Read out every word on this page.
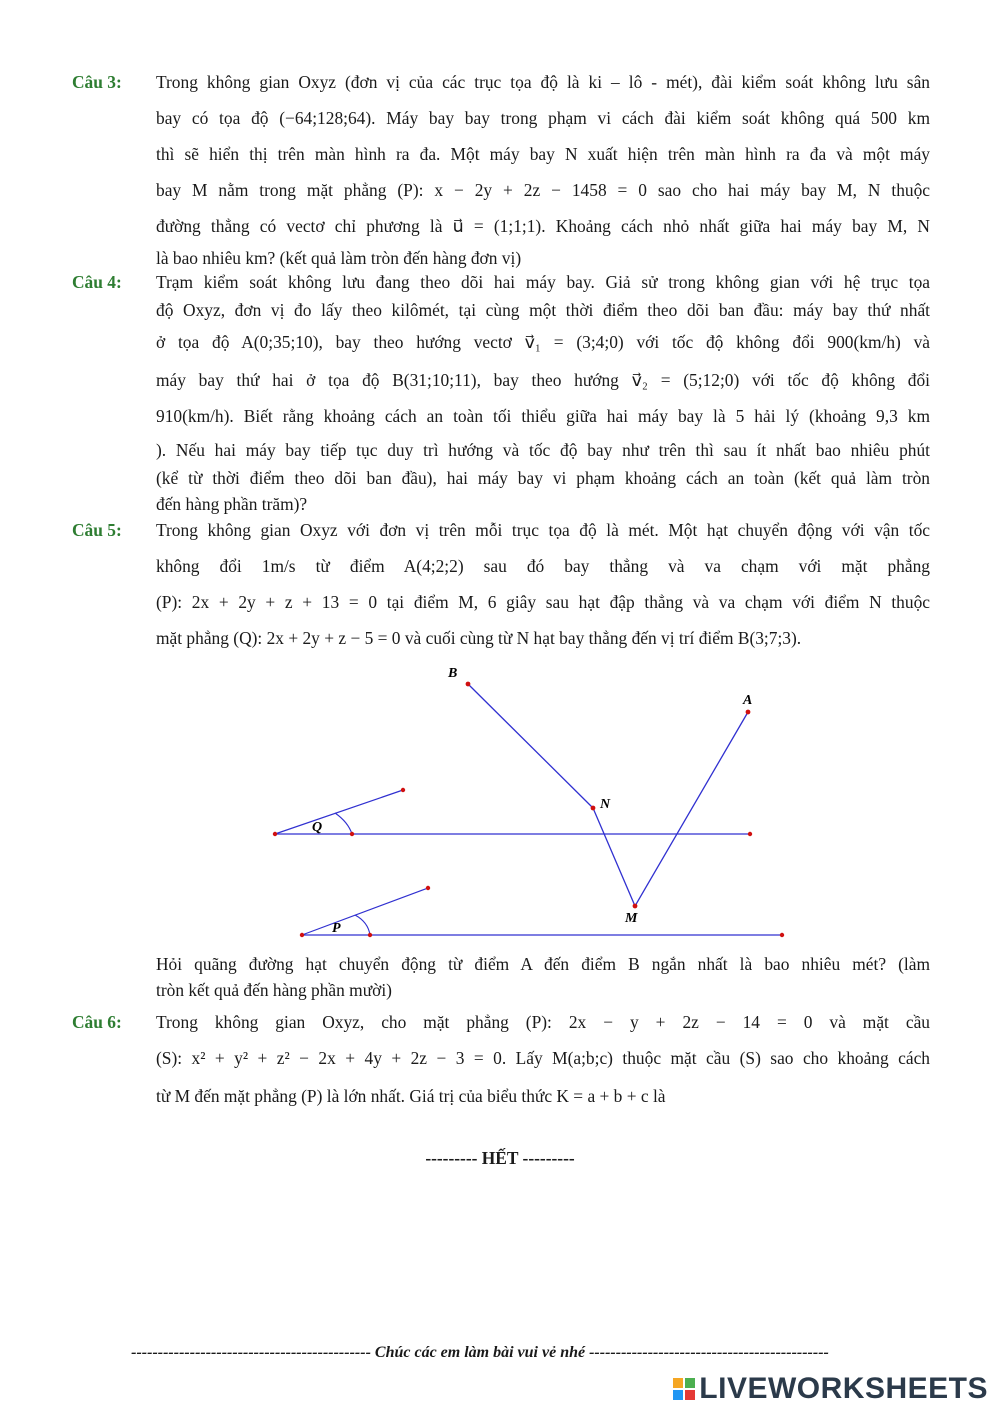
Câu 3: Trong không gian Oxyz (đơn vị của các trục tọa độ là ki – lô - mét), đài kiểm soát không lưu sân
bay có tọa độ (−64;128;64). Máy bay bay trong phạm vi cách đài kiểm soát không quá 500 km
thì sẽ hiển thị trên màn hình ra đa. Một máy bay N xuất hiện trên màn hình ra đa và một máy
bay M nằm trong mặt phẳng (P): x − 2y + 2z − 1458 = 0 sao cho hai máy bay M, N thuộc
đường thẳng có vectơ chỉ phương là u⃗ = (1;1;1). Khoảng cách nhỏ nhất giữa hai máy bay M, N
là bao nhiêu km? (kết quả làm tròn đến hàng đơn vị)
Câu 4: Trạm kiểm soát không lưu đang theo dõi hai máy bay. Giả sử trong không gian với hệ trục tọa
độ Oxyz, đơn vị đo lấy theo kilômét, tại cùng một thời điểm theo dõi ban đầu: máy bay thứ nhất
ở tọa độ A(0;35;10), bay theo hướng vectơ v⃗₁ = (3;4;0) với tốc độ không đổi 900(km/h) và
máy bay thứ hai ở tọa độ B(31;10;11), bay theo hướng v⃗₂ = (5;12;0) với tốc độ không đổi
910(km/h). Biết rằng khoảng cách an toàn tối thiểu giữa hai máy bay là 5 hải lý (khoảng 9,3 km
). Nếu hai máy bay tiếp tục duy trì hướng và tốc độ bay như trên thì sau ít nhất bao nhiêu phút
(kể từ thời điểm theo dõi ban đầu), hai máy bay vi phạm khoảng cách an toàn (kết quả làm tròn
đến hàng phần trăm)?
Câu 5: Trong không gian Oxyz với đơn vị trên mỗi trục tọa độ là mét. Một hạt chuyển động với vận tốc
không đổi 1m/s từ điểm A(4;2;2) sau đó bay thẳng và va chạm với mặt phẳng
(P): 2x + 2y + z + 13 = 0 tại điểm M, 6 giây sau hạt đập thẳng và va chạm với điểm N thuộc
mặt phẳng (Q): 2x + 2y + z − 5 = 0 và cuối cùng từ N hạt bay thẳng đến vị trí điểm B(3;7;3).
Q
P
B
A
N
M
Hỏi quãng đường hạt chuyển động từ điểm A đến điểm B ngắn nhất là bao nhiêu mét? (làm
tròn kết quả đến hàng phần mười)
Câu 6: Trong không gian Oxyz, cho mặt phẳng (P): 2x − y + 2z − 14 = 0 và mặt cầu
(S): x² + y² + z² − 2x + 4y + 2z − 3 = 0. Lấy M(a;b;c) thuộc mặt cầu (S) sao cho khoảng cách
từ M đến mặt phẳng (P) là lớn nhất. Giá trị của biểu thức K = a + b + c là
--------- HẾT ---------
--------------------------------------------- Chúc các em làm bài vui vẻ nhé ---------------------------------------------
LIVEWORKSHEETS
